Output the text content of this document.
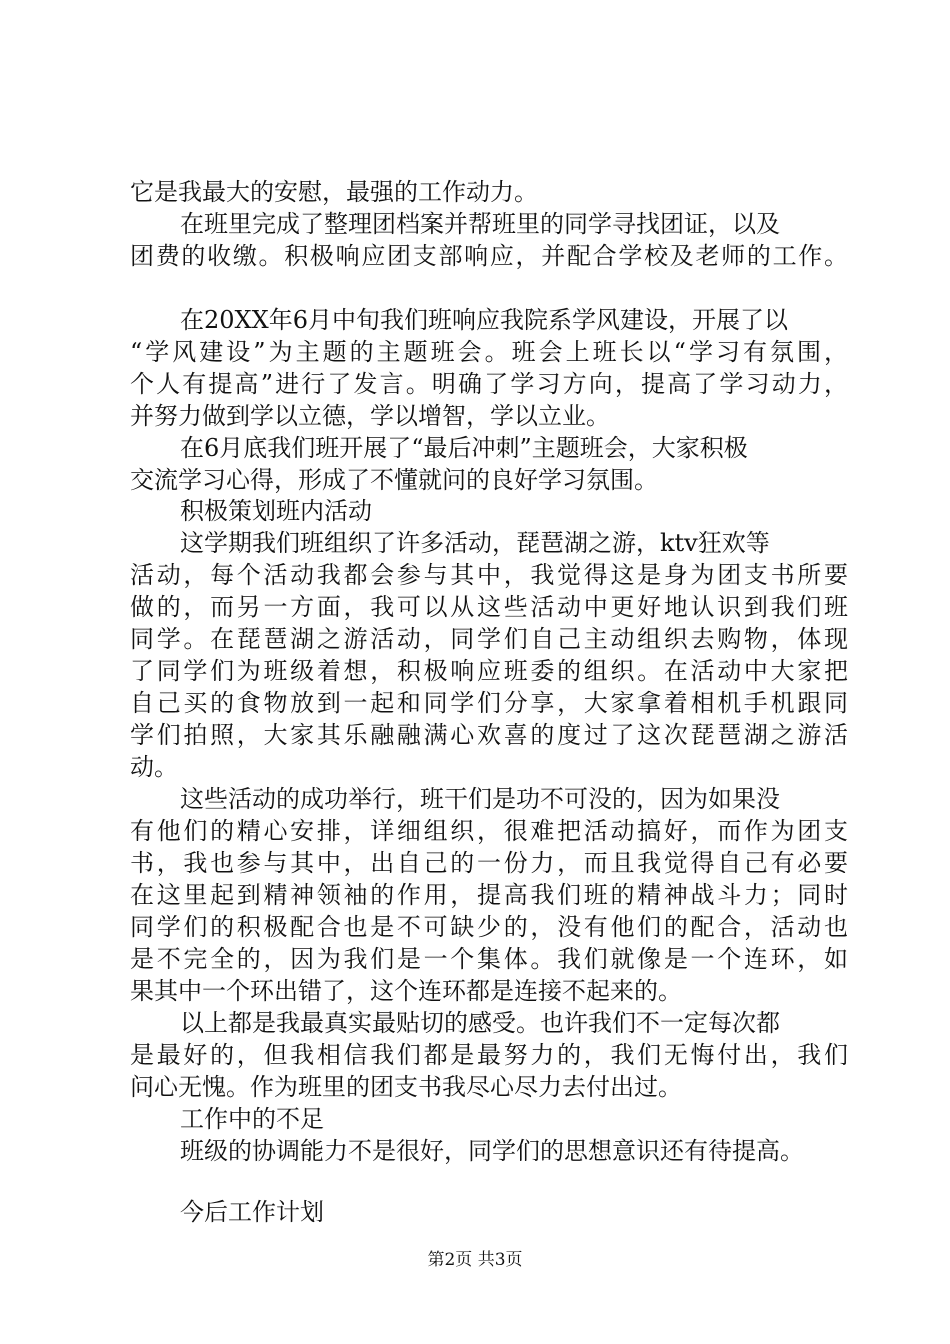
它是我最大的安慰，最强的工作动力。
在班里完成了整理团档案并帮班里的同学寻找团证，以及
团费的收缴。积极响应团支部响应，并配合学校及老师的工作。
在20XX年6月中旬我们班响应我院系学风建设，开展了以
“学风建设”为主题的主题班会。班会上班长以“学习有氛围，
个人有提高”进行了发言。明确了学习方向，提高了学习动力，
并努力做到学以立德，学以增智，学以立业。
在6月底我们班开展了“最后冲刺”主题班会，大家积极
交流学习心得，形成了不懂就问的良好学习氛围。
积极策划班内活动
这学期我们班组织了许多活动，琵琶湖之游，ktv狂欢等
活动，每个活动我都会参与其中，我觉得这是身为团支书所要
做的，而另一方面，我可以从这些活动中更好地认识到我们班
同学。在琵琶湖之游活动，同学们自己主动组织去购物，体现
了同学们为班级着想，积极响应班委的组织。在活动中大家把
自己买的食物放到一起和同学们分享，大家拿着相机手机跟同
学们拍照，大家其乐融融满心欢喜的度过了这次琵琶湖之游活
动。
这些活动的成功举行，班干们是功不可没的，因为如果没
有他们的精心安排，详细组织，很难把活动搞好，而作为团支
书，我也参与其中，出自己的一份力，而且我觉得自己有必要
在这里起到精神领袖的作用，提高我们班的精神战斗力；同时
同学们的积极配合也是不可缺少的，没有他们的配合，活动也
是不完全的，因为我们是一个集体。我们就像是一个连环，如
果其中一个环出错了，这个连环都是连接不起来的。
以上都是我最真实最贴切的感受。也许我们不一定每次都
是最好的，但我相信我们都是最努力的，我们无悔付出，我们
问心无愧。作为班里的团支书我尽心尽力去付出过。
工作中的不足
班级的协调能力不是很好，同学们的思想意识还有待提高。
今后工作计划
第2页 共3页
